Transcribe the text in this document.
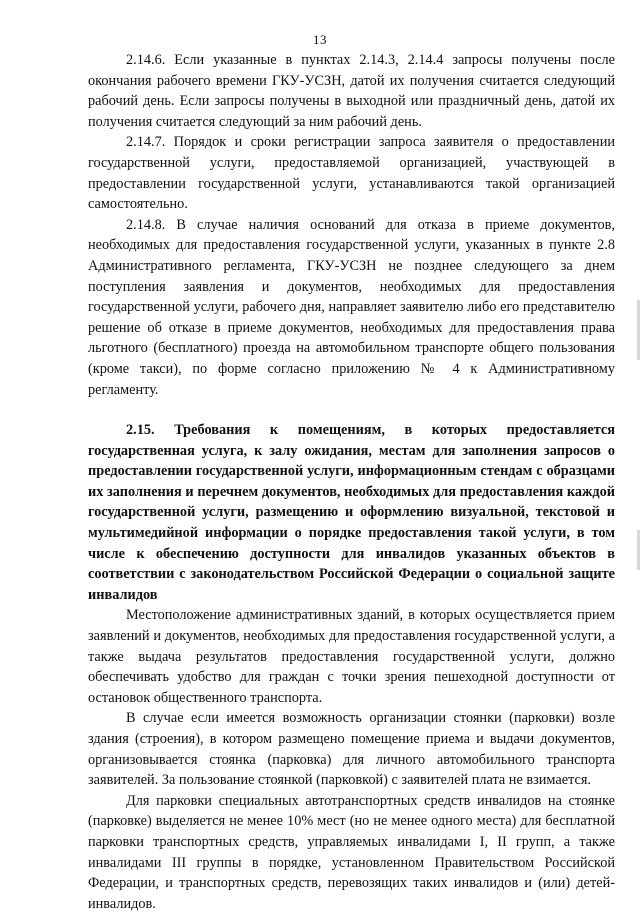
13

2.14.6. Если указанные в пунктах 2.14.3, 2.14.4 запросы получены после окончания рабочего времени ГКУ-УСЗН, датой их получения считается следующий рабочий день. Если запросы получены в выходной или праздничный день, датой их получения считается следующий за ним рабочий день.

2.14.7. Порядок и сроки регистрации запроса заявителя о предоставлении государственной услуги, предоставляемой организацией, участвующей в предоставлении государственной услуги, устанавливаются такой организацией самостоятельно.

2.14.8. В случае наличия оснований для отказа в приеме документов, необходимых для предоставления государственной услуги, указанных в пункте 2.8 Административного регламента, ГКУ-УСЗН не позднее следующего за днем поступления заявления и документов, необходимых для предоставления государственной услуги, рабочего дня, направляет заявителю либо его представителю решение об отказе в приеме документов, необходимых для предоставления права льготного (бесплатного) проезда на автомобильном транспорте общего пользования (кроме такси), по форме согласно приложению № 4 к Административному регламенту.

2.15. Требования к помещениям, в которых предоставляется государственная услуга, к залу ожидания, местам для заполнения запросов о предоставлении государственной услуги, информационным стендам с образцами их заполнения и перечнем документов, необходимых для предоставления каждой государственной услуги, размещению и оформлению визуальной, текстовой и мультимедийной информации о порядке предоставления такой услуги, в том числе к обеспечению доступности для инвалидов указанных объектов в соответствии с законодательством Российской Федерации о социальной защите инвалидов

Местоположение административных зданий, в которых осуществляется прием заявлений и документов, необходимых для предоставления государственной услуги, а также выдача результатов предоставления государственной услуги, должно обеспечивать удобство для граждан с точки зрения пешеходной доступности от остановок общественного транспорта.

В случае если имеется возможность организации стоянки (парковки) возле здания (строения), в котором размещено помещение приема и выдачи документов, организовывается стоянка (парковка) для личного автомобильного транспорта заявителей. За пользование стоянкой (парковкой) с заявителей плата не взимается.

Для парковки специальных автотранспортных средств инвалидов на стоянке (парковке) выделяется не менее 10% мест (но не менее одного места) для бесплатной парковки транспортных средств, управляемых инвалидами I, II групп, а также инвалидами III группы в порядке, установленном Правительством Российской Федерации, и транспортных средств, перевозящих таких инвалидов и (или) детей-инвалидов.
